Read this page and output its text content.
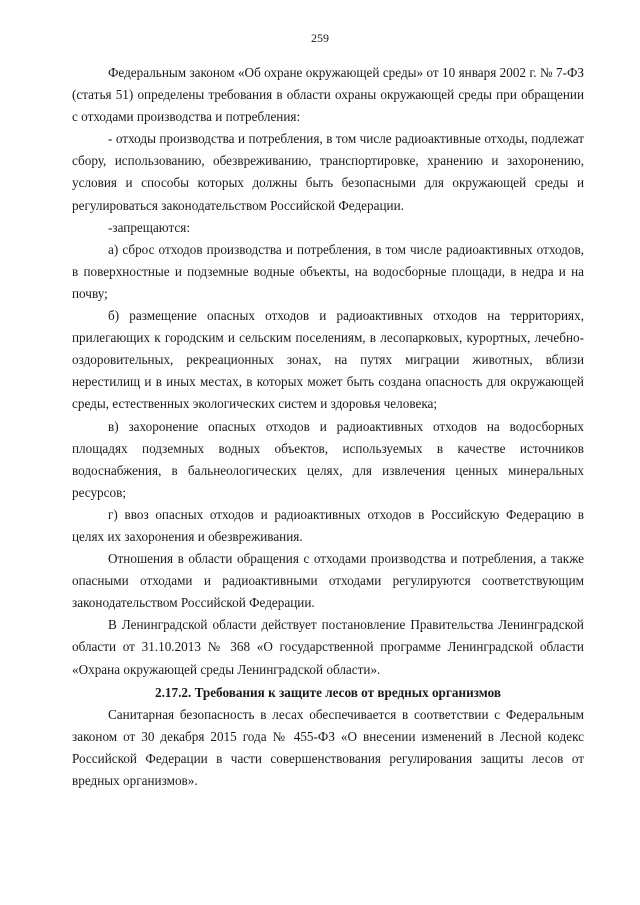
259

Федеральным законом «Об охране окружающей среды» от 10 января 2002 г. № 7-ФЗ (статья 51) определены требования в области охраны окружающей среды при обращении с отходами производства и потребления:

- отходы производства и потребления, в том числе радиоактивные отходы, подлежат сбору, использованию, обезвреживанию, транспортировке, хранению и захоронению, условия и способы которых должны быть безопасными для окружающей среды и регулироваться законодательством Российской Федерации.

-запрещаются:

а) сброс отходов производства и потребления, в том числе радиоактивных отходов, в поверхностные и подземные водные объекты, на водосборные площади, в недра и на почву;

б) размещение опасных отходов и радиоактивных отходов на территориях, прилегающих к городским и сельским поселениям, в лесопарковых, курортных, лечебно-оздоровительных, рекреационных зонах, на путях миграции животных, вблизи нерестилищ и в иных местах, в которых может быть создана опасность для окружающей среды, естественных экологических систем и здоровья человека;

в) захоронение опасных отходов и радиоактивных отходов на водосборных площадях подземных водных объектов, используемых в качестве источников водоснабжения, в бальнеологических целях, для извлечения ценных минеральных ресурсов;

г) ввоз опасных отходов и радиоактивных отходов в Российскую Федерацию в целях их захоронения и обезвреживания.

Отношения в области обращения с отходами производства и потребления, а также опасными отходами и радиоактивными отходами регулируются соответствующим законодательством Российской Федерации.

В Ленинградской области действует постановление Правительства Ленинградской области от 31.10.2013 № 368 «О государственной программе Ленинградской области «Охрана окружающей среды Ленинградской области».

2.17.2. Требования к защите лесов от вредных организмов

Санитарная безопасность в лесах обеспечивается в соответствии с Федеральным законом от 30 декабря 2015 года № 455-ФЗ «О внесении изменений в Лесной кодекс Российской Федерации в части совершенствования регулирования защиты лесов от вредных организмов».
